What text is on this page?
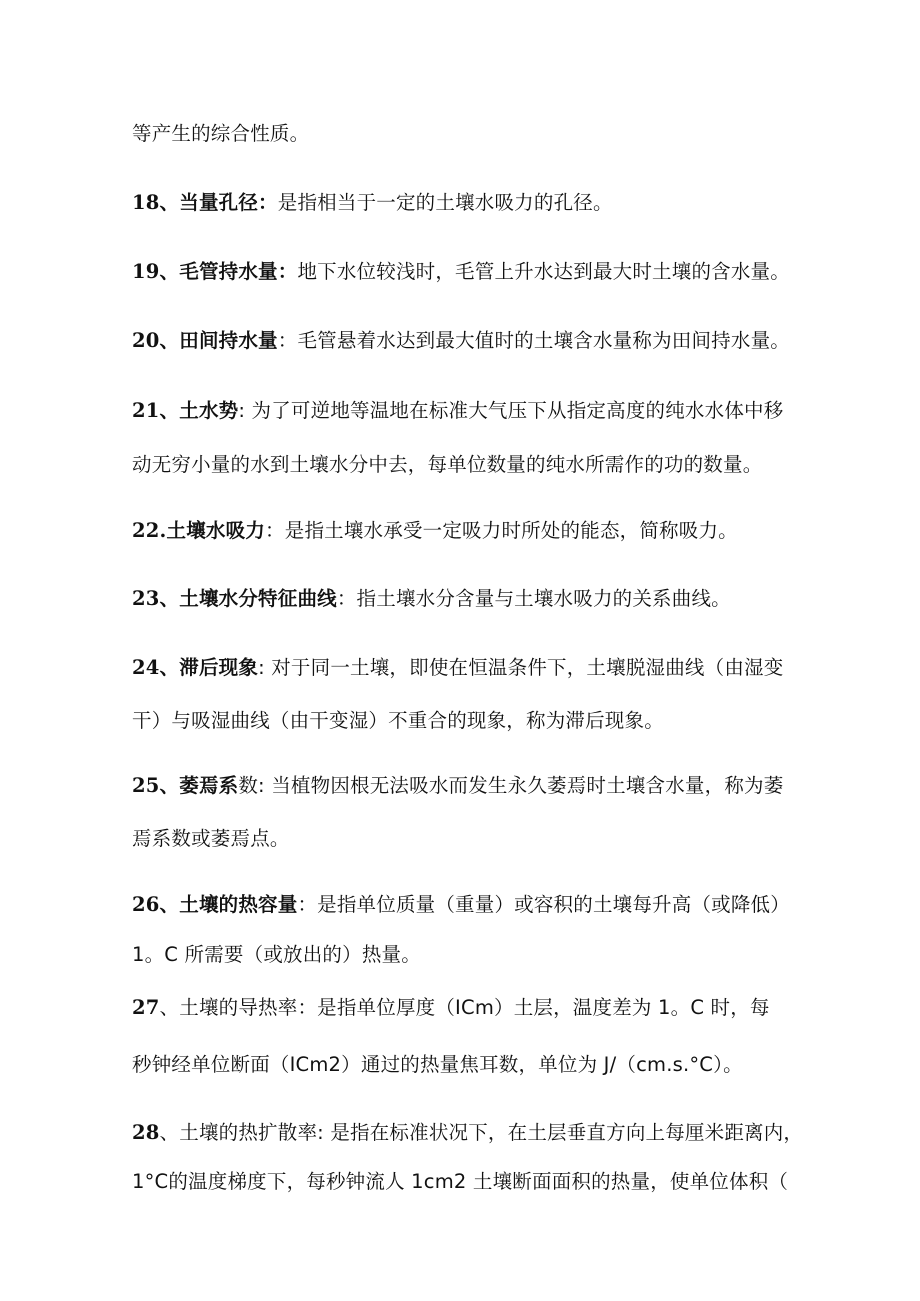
等产生的综合性质。
18、当量孔径：是指相当于一定的土壤水吸力的孔径。
19、毛管持水量：地下水位较浅时，毛管上升水达到最大时土壤的含水量。
20、田间持水量：毛管悬着水达到最大值时的土壤含水量称为田间持水量。
21、土水势: 为了可逆地等温地在标准大气压下从指定高度的纯水水体中移
动无穷小量的水到土壤水分中去，每单位数量的纯水所需作的功的数量。
22.土壤水吸力：是指土壤水承受一定吸力时所处的能态，简称吸力。
23、土壤水分特征曲线：指土壤水分含量与土壤水吸力的关系曲线。
24、滞后现象: 对于同一土壤，即使在恒温条件下，土壤脱湿曲线（由湿变
干）与吸湿曲线（由干变湿）不重合的现象，称为滞后现象。
25、萎焉系数: 当植物因根无法吸水而发生永久萎焉时土壤含水量，称为萎
焉系数或萎焉点。
26、土壤的热容量：是指单位质量（重量）或容积的土壤每升高（或降低）
1。C 所需要（或放出的）热量。
27、土壤的导热率：是指单位厚度（ICm）土层，温度差为 1。C 时，每
秒钟经单位断面（ICm2）通过的热量焦耳数，单位为 J/（cm.s.°C）。
28、土壤的热扩散率: 是指在标准状况下，在土层垂直方向上每厘米距离内，
1°C的温度梯度下，每秒钟流人 1cm2 土壤断面面积的热量，使单位体积（
